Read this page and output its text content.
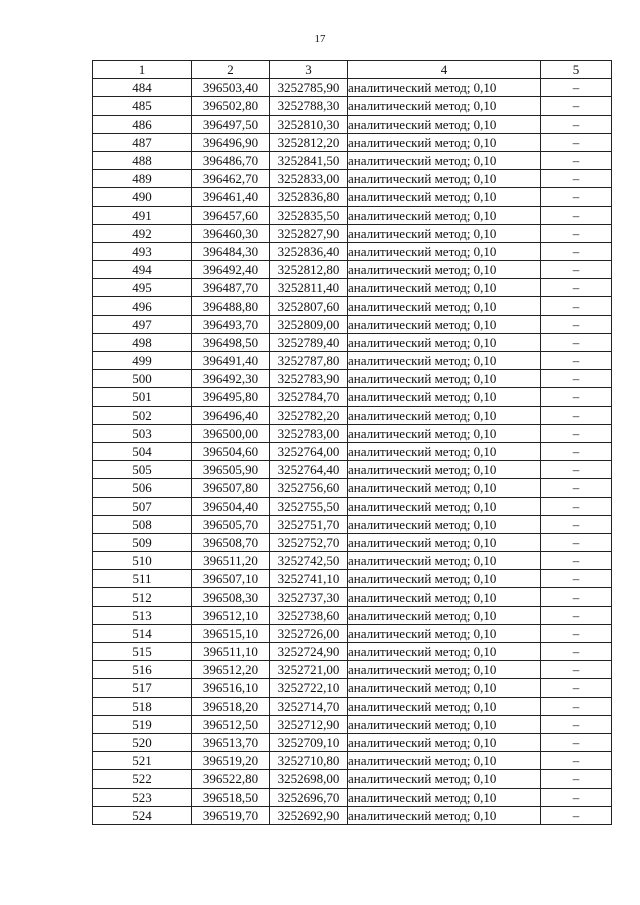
17
1	2	3	4	5
484	396503,40	3252785,90	аналитический метод; 0,10	–
485	396502,80	3252788,30	аналитический метод; 0,10	–
486	396497,50	3252810,30	аналитический метод; 0,10	–
487	396496,90	3252812,20	аналитический метод; 0,10	–
488	396486,70	3252841,50	аналитический метод; 0,10	–
489	396462,70	3252833,00	аналитический метод; 0,10	–
490	396461,40	3252836,80	аналитический метод; 0,10	–
491	396457,60	3252835,50	аналитический метод; 0,10	–
492	396460,30	3252827,90	аналитический метод; 0,10	–
493	396484,30	3252836,40	аналитический метод; 0,10	–
494	396492,40	3252812,80	аналитический метод; 0,10	–
495	396487,70	3252811,40	аналитический метод; 0,10	–
496	396488,80	3252807,60	аналитический метод; 0,10	–
497	396493,70	3252809,00	аналитический метод; 0,10	–
498	396498,50	3252789,40	аналитический метод; 0,10	–
499	396491,40	3252787,80	аналитический метод; 0,10	–
500	396492,30	3252783,90	аналитический метод; 0,10	–
501	396495,80	3252784,70	аналитический метод; 0,10	–
502	396496,40	3252782,20	аналитический метод; 0,10	–
503	396500,00	3252783,00	аналитический метод; 0,10	–
504	396504,60	3252764,00	аналитический метод; 0,10	–
505	396505,90	3252764,40	аналитический метод; 0,10	–
506	396507,80	3252756,60	аналитический метод; 0,10	–
507	396504,40	3252755,50	аналитический метод; 0,10	–
508	396505,70	3252751,70	аналитический метод; 0,10	–
509	396508,70	3252752,70	аналитический метод; 0,10	–
510	396511,20	3252742,50	аналитический метод; 0,10	–
511	396507,10	3252741,10	аналитический метод; 0,10	–
512	396508,30	3252737,30	аналитический метод; 0,10	–
513	396512,10	3252738,60	аналитический метод; 0,10	–
514	396515,10	3252726,00	аналитический метод; 0,10	–
515	396511,10	3252724,90	аналитический метод; 0,10	–
516	396512,20	3252721,00	аналитический метод; 0,10	–
517	396516,10	3252722,10	аналитический метод; 0,10	–
518	396518,20	3252714,70	аналитический метод; 0,10	–
519	396512,50	3252712,90	аналитический метод; 0,10	–
520	396513,70	3252709,10	аналитический метод; 0,10	–
521	396519,20	3252710,80	аналитический метод; 0,10	–
522	396522,80	3252698,00	аналитический метод; 0,10	–
523	396518,50	3252696,70	аналитический метод; 0,10	–
524	396519,70	3252692,90	аналитический метод; 0,10	–
